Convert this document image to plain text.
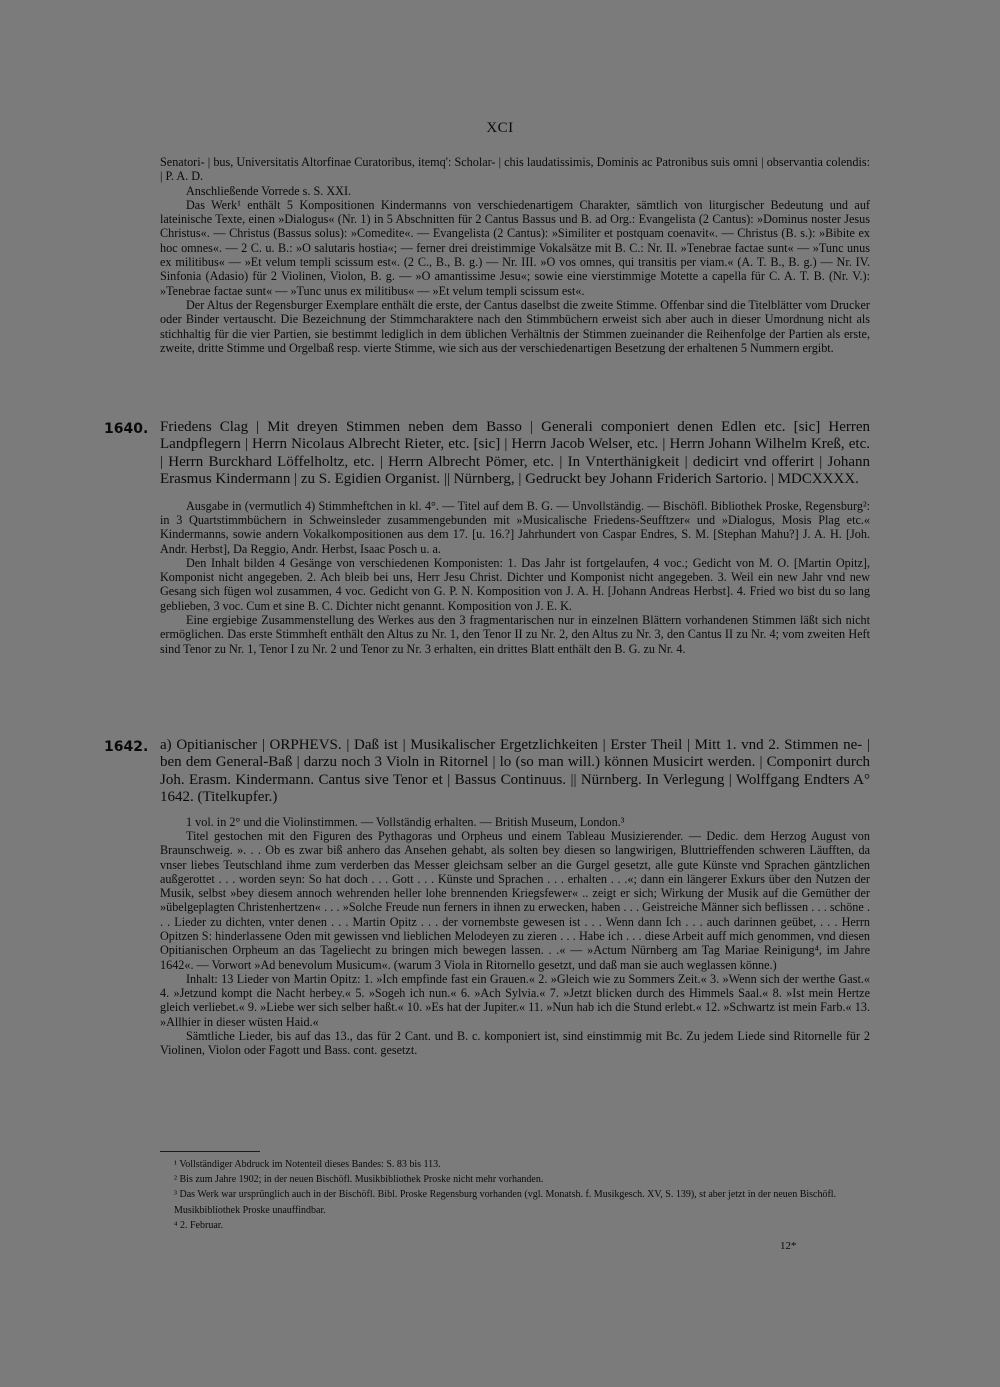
XCI

Senatori- | bus, Universitatis Altorfinae Curatoribus, itemq': Scholar- | chis laudatissimis, Dominis ac Patronibus suis omni | observantia colendis: | P. A. D.

Anschließende Vorrede s. S. XXI.

Das Werk¹ enthält 5 Kompositionen Kindermanns von verschiedenartigem Charakter, sämtlich von liturgischer Bedeutung und auf lateinische Texte, einen »Dialogus« (Nr. 1) in 5 Abschnitten für 2 Cantus Bassus und B. ad Org.: Evangelista (2 Cantus): »Dominus noster Jesus Christus«. — Christus (Bassus solus): »Comedite«. — Evangelista (2 Cantus): »Similiter et postquam coenavit«. — Christus (B. s.): »Bibite ex hoc omnes«. — 2 C. u. B.: »O salutaris hostia«; — ferner drei dreistimmige Vokalsätze mit B. C.: Nr. II. »Tenebrae factae sunt« — »Tunc unus ex militibus« — »Et velum templi scissum est«. (2 C., B., B. g.) — Nr. III. »O vos omnes, qui transitis per viam.« (A. T. B., B. g.) — Nr. IV. Sinfonia (Adasio) für 2 Violinen, Violon, B. g. — »O amantissime Jesu«; sowie eine vierstimmige Motette a capella für C. A. T. B. (Nr. V.): »Tenebrae factae sunt« — »Tunc unus ex militibus« — »Et velum templi scissum est«.

Der Altus der Regensburger Exemplare enthält die erste, der Cantus daselbst die zweite Stimme. Offenbar sind die Titelblätter vom Drucker oder Binder vertauscht. Die Bezeichnung der Stimmcharaktere nach den Stimmbüchern erweist sich aber auch in dieser Umordnung nicht als stichhaltig für die vier Partien, sie bestimmt lediglich in dem üblichen Verhältnis der Stimmen zueinander die Reihenfolge der Partien als erste, zweite, dritte Stimme und Orgelbaß resp. vierte Stimme, wie sich aus der verschiedenartigen Besetzung der erhaltenen 5 Nummern ergibt.

1640. Friedens Clag | Mit dreyen Stimmen neben dem Basso | Generali componiert denen Edlen etc. [sic] Herren Landpflegern | Herrn Nicolaus Albrecht Rieter, etc. [sic] | Herrn Jacob Welser, etc. | Herrn Johann Wilhelm Kreß, etc. | Herrn Burckhard Löffelholtz, etc. | Herrn Albrecht Pömer, etc. | In Vnterthänigkeit | dedicirt vnd offerirt | Johann Erasmus Kindermann | zu S. Egidien Organist. || Nürnberg, | Gedruckt bey Johann Friderich Sartorio. | MDCXXXX.

Ausgabe in (vermutlich 4) Stimmheftchen in kl. 4°. — Titel auf dem B. G. — Unvollständig. — Bischöfl. Bibliothek Proske, Regensburg²: in 3 Quartstimmbüchern in Schweinsleder zusammengebunden mit »Musicalische Friedens-Seufftzer« und »Dialogus, Mosis Plag etc.« Kindermanns, sowie andern Vokalkompositionen aus dem 17. [u. 16.?] Jahrhundert von Caspar Endres, S. M. [Stephan Mahu?] J. A. H. [Joh. Andr. Herbst], Da Reggio, Andr. Herbst, Isaac Posch u. a.

Den Inhalt bilden 4 Gesänge von verschiedenen Komponisten: 1. Das Jahr ist fortgelaufen, 4 voc.; Gedicht von M. O. [Martin Opitz], Komponist nicht angegeben. 2. Ach bleib bei uns, Herr Jesu Christ. Dichter und Komponist nicht angegeben. 3. Weil ein new Jahr vnd new Gesang sich fügen wol zusammen, 4 voc. Gedicht von G. P. N. Komposition von J. A. H. [Johann Andreas Herbst]. 4. Fried wo bist du so lang geblieben, 3 voc. Cum et sine B. C. Dichter nicht genannt. Komposition von J. E. K.

Eine ergiebige Zusammenstellung des Werkes aus den 3 fragmentarischen nur in einzelnen Blättern vorhandenen Stimmen läßt sich nicht ermöglichen. Das erste Stimmheft enthält den Altus zu Nr. 1, den Tenor II zu Nr. 2, den Altus zu Nr. 3, den Cantus II zu Nr. 4; vom zweiten Heft sind Tenor zu Nr. 1, Tenor I zu Nr. 2 und Tenor zu Nr. 3 erhalten, ein drittes Blatt enthält den B. G. zu Nr. 4.

1642. a) Opitianischer | ORPHEVS. | Daß ist | Musikalischer Ergetzlichkeiten | Erster Theil | Mitt 1. vnd 2. Stimmen ne- | ben dem General-Baß | darzu noch 3 Violn in Ritornel | lo (so man will.) können Musicirt werden. | Componirt durch Joh. Erasm. Kindermann. Cantus sive Tenor et | Bassus Continuus. || Nürnberg. In Verlegung | Wolffgang Endters A° 1642. (Titelkupfer.)

1 vol. in 2° und die Violinstimmen. — Vollständig erhalten. — British Museum, London.³

Titel gestochen mit den Figuren des Pythagoras und Orpheus und einem Tableau Musizierender. — Dedic. dem Herzog August von Braunschweig. ». . . Ob es zwar biß anhero das Ansehen gehabt, als solten bey diesen so langwirigen, Bluttrieffenden schweren Läufften, da vnser liebes Teutschland ihme zum verderben das Messer gleichsam selber an die Gurgel gesetzt, alle gute Künste vnd Sprachen gäntzlichen außgerottet . . . worden seyn: So hat doch . . . Gott . . . Künste und Sprachen . . . erhalten . . .«; dann ein längerer Exkurs über den Nutzen der Musik, selbst »bey diesem annoch wehrenden heller lohe brennenden Kriegsfewer« .. zeigt er sich; Wirkung der Musik auf die Gemüther der »übelgeplagten Christenhertzen« . . . »Solche Freude nun ferners in ihnen zu erwecken, haben . . . Geistreiche Männer sich beflissen . . . schöne . . . Lieder zu dichten, vnter denen . . . Martin Opitz . . . der vornembste gewesen ist . . . Wenn dann Ich . . . auch darinnen geübet, . . . Herrn Opitzen S: hinderlassene Oden mit gewissen vnd lieblichen Melodeyen zu zieren . . . Habe ich . . . diese Arbeit auff mich genommen, vnd diesen Opitianischen Orpheum an das Tageliecht zu bringen mich bewegen lassen. . .« — »Actum Nürnberg am Tag Mariae Reinigung⁴, im Jahre 1642«. — Vorwort »Ad benevolum Musicum«. (warum 3 Viola in Ritornello gesetzt, und daß man sie auch weglassen könne.)

Inhalt: 13 Lieder von Martin Opitz: 1. »Ich empfinde fast ein Grauen.« 2. »Gleich wie zu Sommers Zeit.« 3. »Wenn sich der werthe Gast.« 4. »Jetzund kompt die Nacht herbey.« 5. »Sogeh ich nun.« 6. »Ach Sylvia.« 7. »Jetzt blicken durch des Himmels Saal.« 8. »Ist mein Hertze gleich verliebet.« 9. »Liebe wer sich selber haßt.« 10. »Es hat der Jupiter.« 11. »Nun hab ich die Stund erlebt.« 12. »Schwartz ist mein Farb.« 13. »Allhier in dieser wüsten Haid.«

Sämtliche Lieder, bis auf das 13., das für 2 Cant. und B. c. komponiert ist, sind einstimmig mit Bc. Zu jedem Liede sind Ritornelle für 2 Violinen, Violon oder Fagott und Bass. cont. gesetzt.

¹ Vollständiger Abdruck im Notenteil dieses Bandes: S. 83 bis 113.

² Bis zum Jahre 1902; in der neuen Bischöfl. Musikbibliothek Proske nicht mehr vorhanden.

³ Das Werk war ursprünglich auch in der Bischöfl. Bibl. Proske Regensburg vorhanden (vgl. Monatsh. f. Musikgesch. XV, S. 139), st aber jetzt in der neuen Bischöfl. Musikbibliothek Proske unauffindbar.

⁴ 2. Februar.

12*
